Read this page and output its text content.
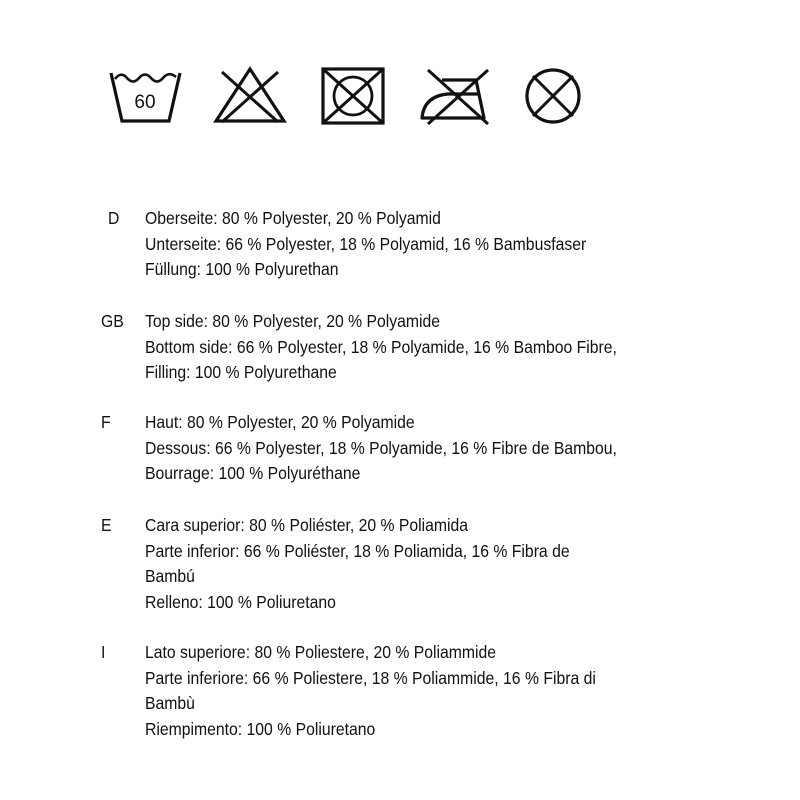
60
D	Oberseite: 80 % Polyester, 20 % Polyamid
Unterseite: 66 % Polyester, 18 % Polyamid, 16 % Bambusfaser
Füllung: 100 % Polyurethan
GB	Top side: 80 % Polyester, 20 % Polyamide
Bottom side: 66 % Polyester, 18 % Polyamide, 16 % Bamboo Fibre,
Filling: 100 % Polyurethane
F	Haut: 80 % Polyester, 20 % Polyamide
Dessous: 66 % Polyester, 18 % Polyamide, 16 % Fibre de Bambou,
Bourrage: 100 % Polyuréthane
E	Cara superior: 80 % Poliéster, 20 % Poliamida
Parte inferior: 66 % Poliéster, 18 % Poliamida, 16 % Fibra de
Bambú
Relleno: 100 % Poliuretano
I	Lato superiore: 80 % Poliestere, 20 % Poliammide
Parte inferiore: 66 % Poliestere, 18 % Poliammide, 16 % Fibra di
Bambù
Riempimento: 100 % Poliuretano
